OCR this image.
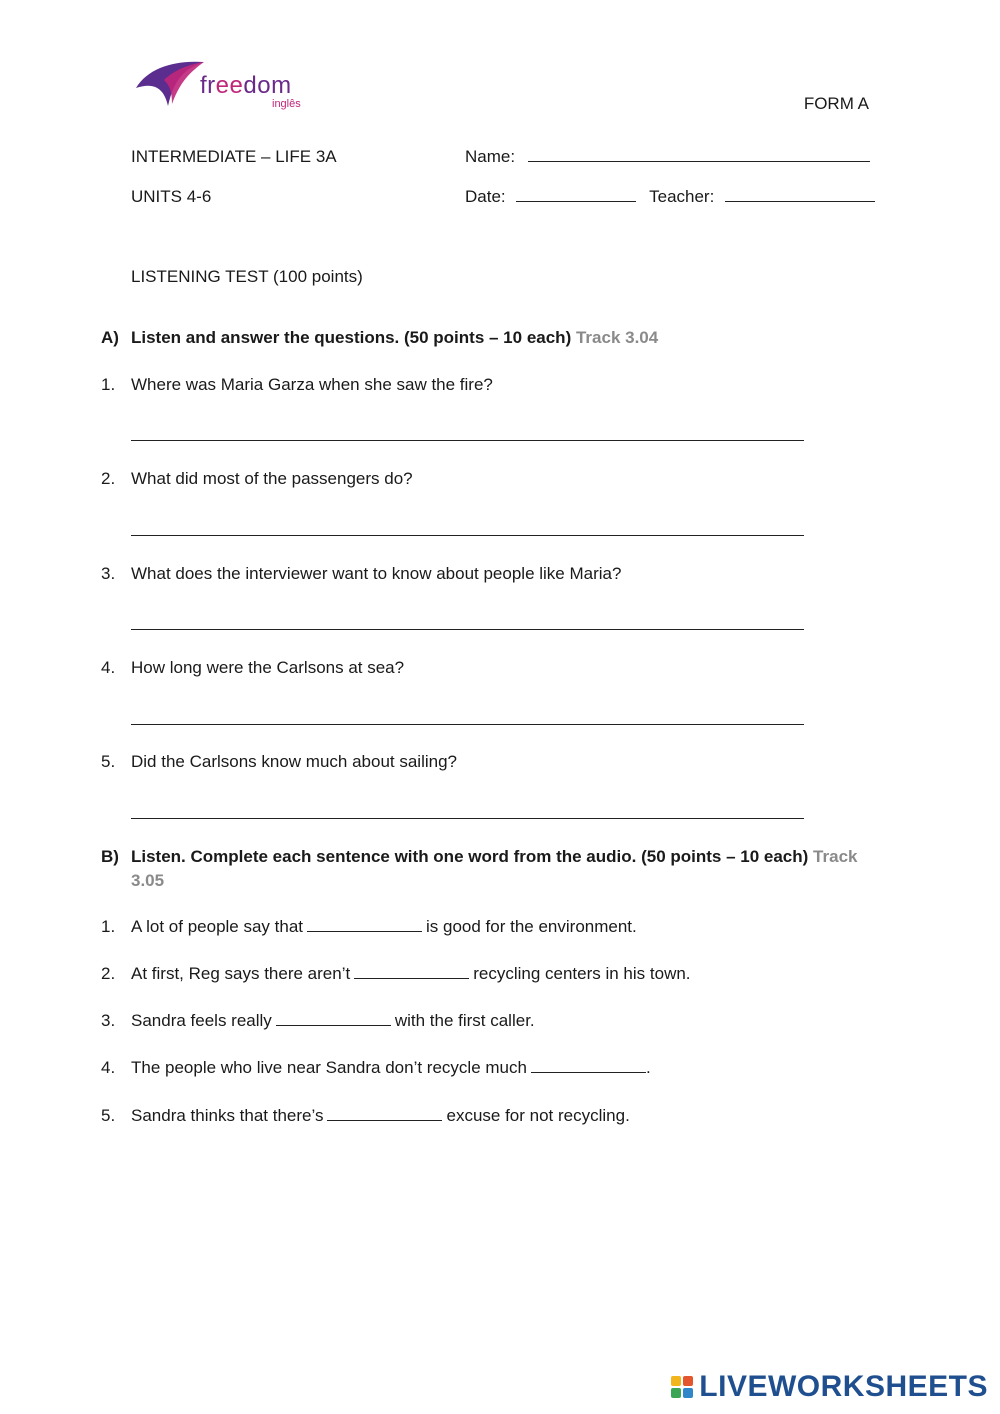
freedom
inglês	FORM A
INTERMEDIATE – LIFE 3A	Name:
UNITS 4-6	Date:	Teacher:
LISTENING TEST (100 points)
A) Listen and answer the questions. (50 points – 10 each) Track 3.04
1. Where was Maria Garza when she saw the fire?
2. What did most of the passengers do?
3. What does the interviewer want to know about people like Maria?
4. How long were the Carlsons at sea?
5. Did the Carlsons know much about sailing?
B) Listen. Complete each sentence with one word from the audio. (50 points – 10 each) Track
3.05
1. A lot of people say that	is good for the environment.
2. At first, Reg says there aren’t	recycling centers in his town.
3. Sandra feels really	with the first caller.
4. The people who live near Sandra don’t recycle much	.
5. Sandra thinks that there’s	excuse for not recycling.
LIVEWORKSHEETS
